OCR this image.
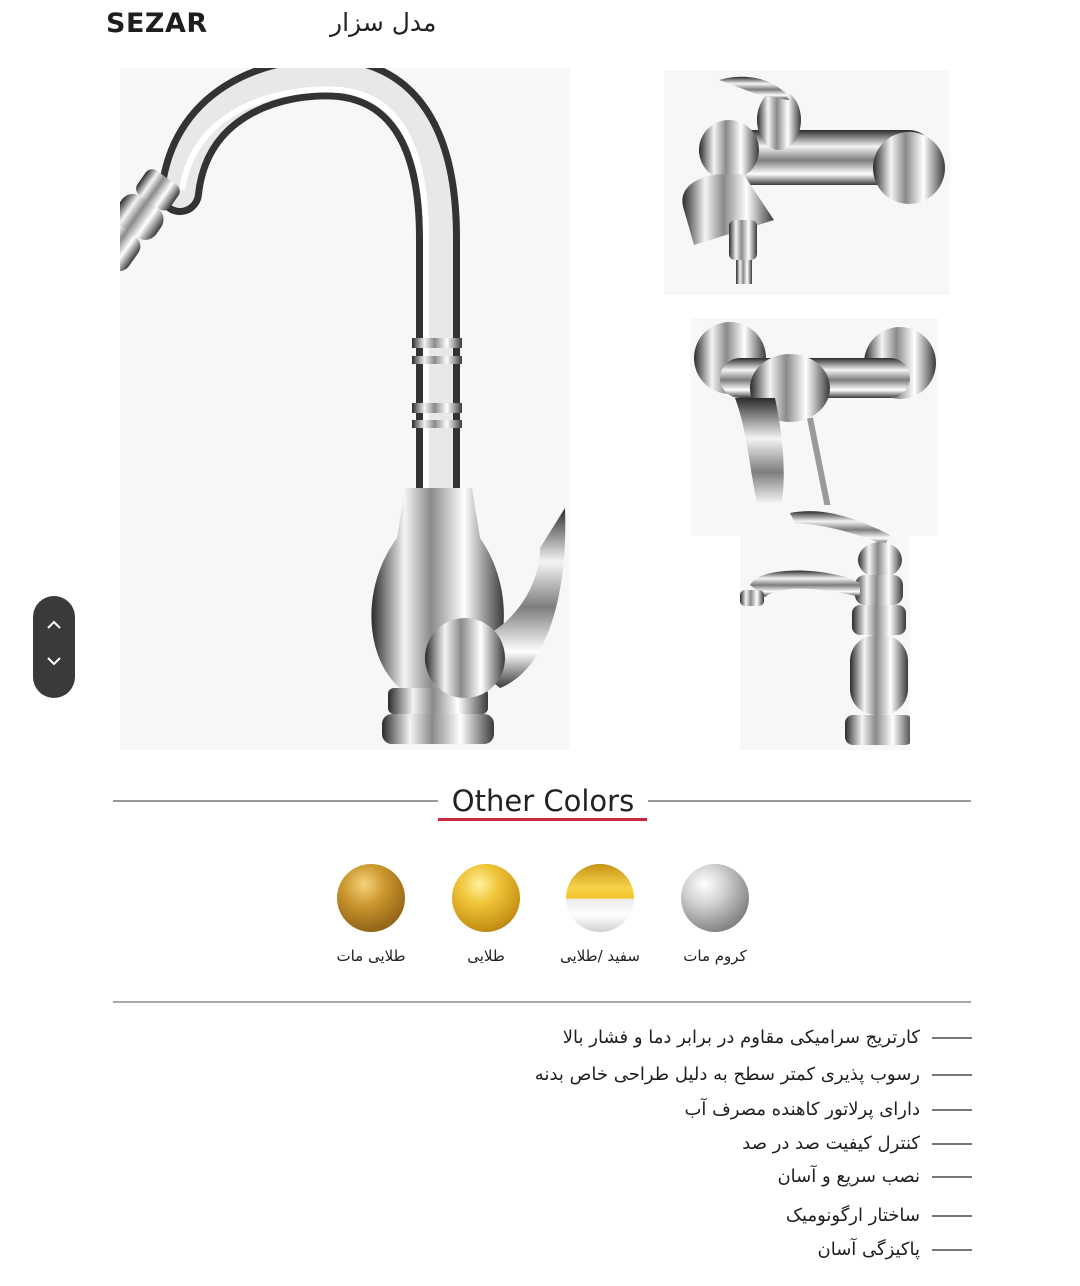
SEZAR	مدل سزار
Other Colors
کروم مات
سفید /طلایی
طلایی
طلایی مات
کارتریج سرامیکی مقاوم در برابر دما و فشار بالا
رسوب پذیری کمتر سطح به دلیل طراحی خاص بدنه
دارای پرلاتور کاهنده مصرف آب
کنترل کیفیت صد در صد
نصب سریع و آسان
ساختار ارگونومیک
پاکیزگی آسان
